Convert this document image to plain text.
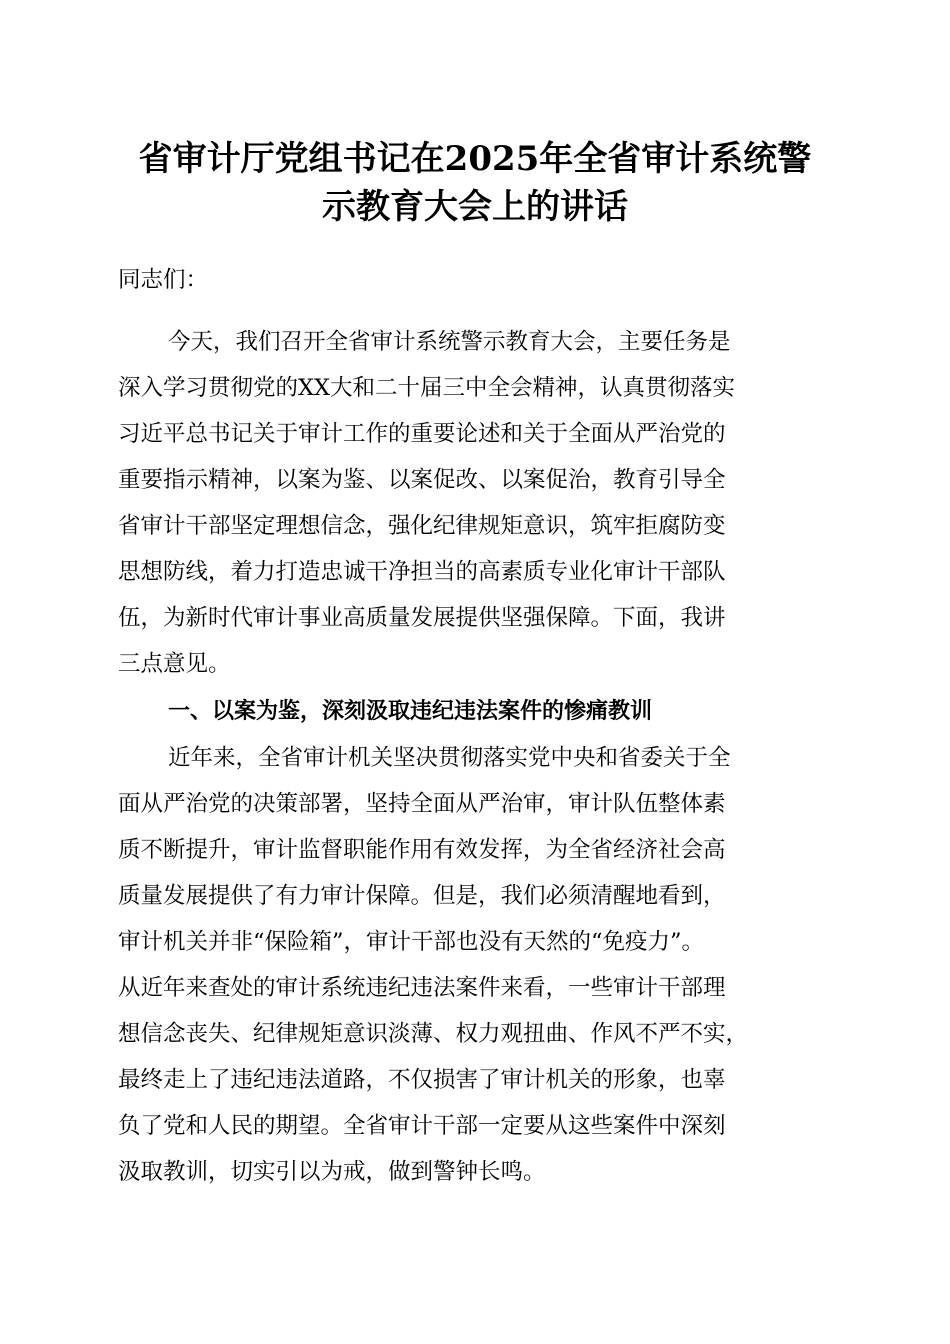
省审计厅党组书记在2025年全省审计系统警
示教育大会上的讲话

同志们：

今天，我们召开全省审计系统警示教育大会，主要任务是

深入学习贯彻党的XX大和二十届三中全会精神，认真贯彻落实

习近平总书记关于审计工作的重要论述和关于全面从严治党的

重要指示精神，以案为鉴、以案促改、以案促治，教育引导全

省审计干部坚定理想信念，强化纪律规矩意识，筑牢拒腐防变

思想防线，着力打造忠诚干净担当的高素质专业化审计干部队

伍，为新时代审计事业高质量发展提供坚强保障。下面，我讲

三点意见。

一、以案为鉴，深刻汲取违纪违法案件的惨痛教训

近年来，全省审计机关坚决贯彻落实党中央和省委关于全

面从严治党的决策部署，坚持全面从严治审，审计队伍整体素

质不断提升，审计监督职能作用有效发挥，为全省经济社会高

质量发展提供了有力审计保障。但是，我们必须清醒地看到，

审计机关并非“保险箱”，审计干部也没有天然的“免疫力”。

从近年来查处的审计系统违纪违法案件来看，一些审计干部理

想信念丧失、纪律规矩意识淡薄、权力观扭曲、作风不严不实，

最终走上了违纪违法道路，不仅损害了审计机关的形象，也辜

负了党和人民的期望。全省审计干部一定要从这些案件中深刻

汲取教训，切实引以为戒，做到警钟长鸣。
